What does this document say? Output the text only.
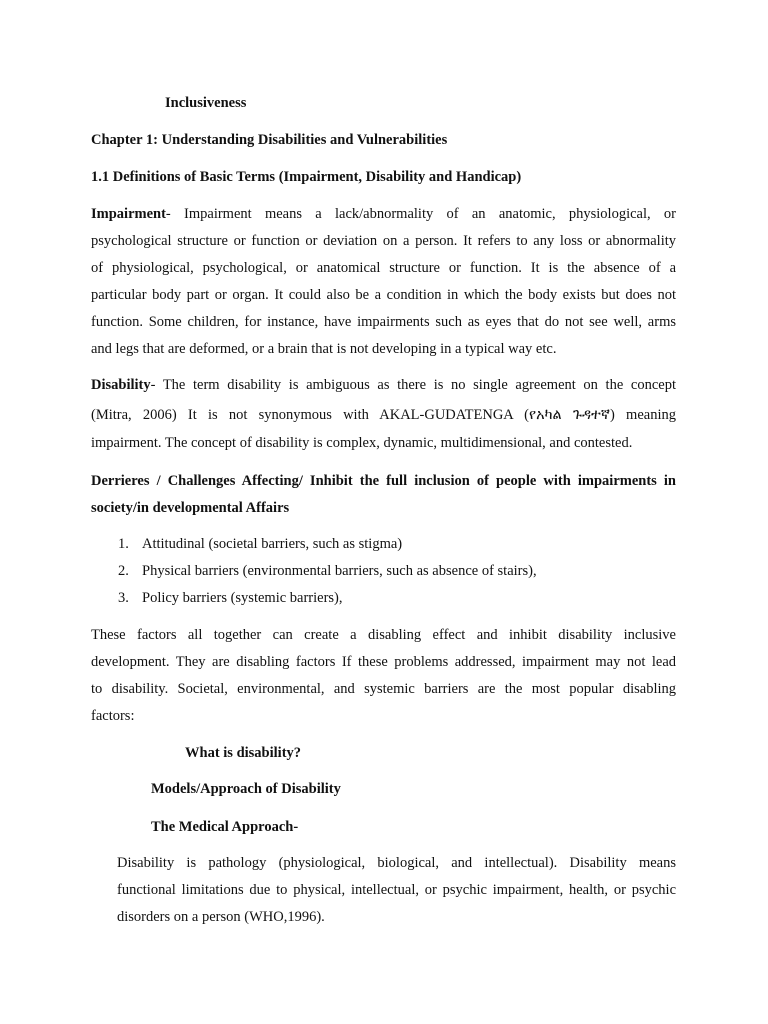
Inclusiveness
Chapter 1: Understanding Disabilities and Vulnerabilities
1.1 Definitions of Basic Terms (Impairment, Disability and Handicap)
Impairment- Impairment means a lack/abnormality of an anatomic, physiological, or
psychological structure or function or deviation on a person. It refers to any loss or abnormality
of physiological, psychological, or anatomical structure or function. It is the absence of a
particular body part or organ. It could also be a condition in which the body exists but does not
function. Some children, for instance, have impairments such as eyes that do not see well, arms
and legs that are deformed, or a brain that is not developing in a typical way etc.
Disability- The term disability is ambiguous as there is no single agreement on the concept
(Mitra, 2006) It is not synonymous with AKAL-GUDATENGA (የአካል ጉዳተኛ) meaning
impairment. The concept of disability is complex, dynamic, multidimensional, and contested.
Derrieres / Challenges Affecting/ Inhibit the full inclusion of people with impairments in
society/in developmental Affairs
1. Attitudinal (societal barriers, such as stigma)
2. Physical barriers (environmental barriers, such as absence of stairs),
3. Policy barriers (systemic barriers),
These factors all together can create a disabling effect and inhibit disability inclusive
development. They are disabling factors If these problems addressed, impairment may not lead
to disability. Societal, environmental, and systemic barriers are the most popular disabling
factors:
What is disability?
Models/Approach of Disability
The Medical Approach-
Disability is pathology (physiological, biological, and intellectual). Disability means
functional limitations due to physical, intellectual, or psychic impairment, health, or psychic
disorders on a person (WHO,1996).
